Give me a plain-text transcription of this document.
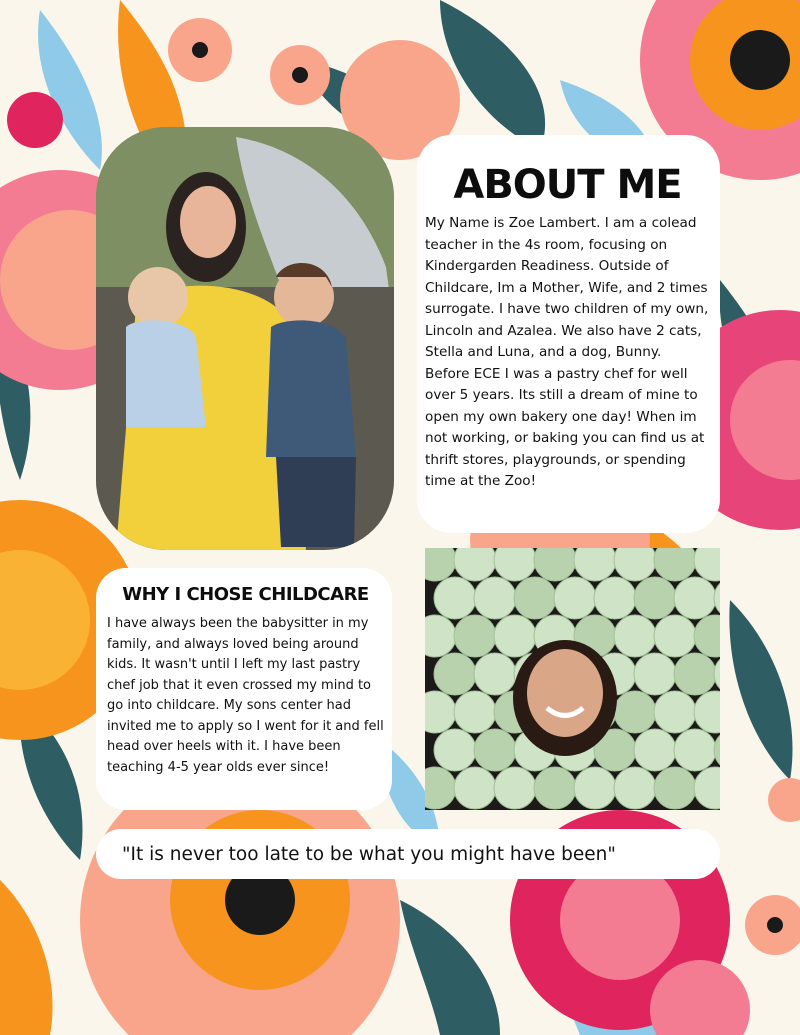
ABOUT ME

My Name is Zoe Lambert. I am a colead teacher in the 4s room, focusing on Kindergarden Readiness. Outside of Childcare, Im a Mother, Wife, and 2 times surrogate. I have two children of my own, Lincoln and Azalea. We also have 2 cats, Stella and Luna, and a dog, Bunny. Before ECE I was a pastry chef for well over 5 years. Its still a dream of mine to open my own bakery one day! When im not working, or baking you can find us at thrift stores, playgrounds, or spending time at the Zoo!

WHY I CHOSE CHILDCARE

I have always been the babysitter in my family, and always loved being around kids. It wasn't until I left my last pastry chef job that it even crossed my mind to go into childcare. My sons center had invited me to apply so I went for it and fell head over heels with it. I have been teaching 4-5 year olds ever since!

"It is never too late to be what you might have been"
